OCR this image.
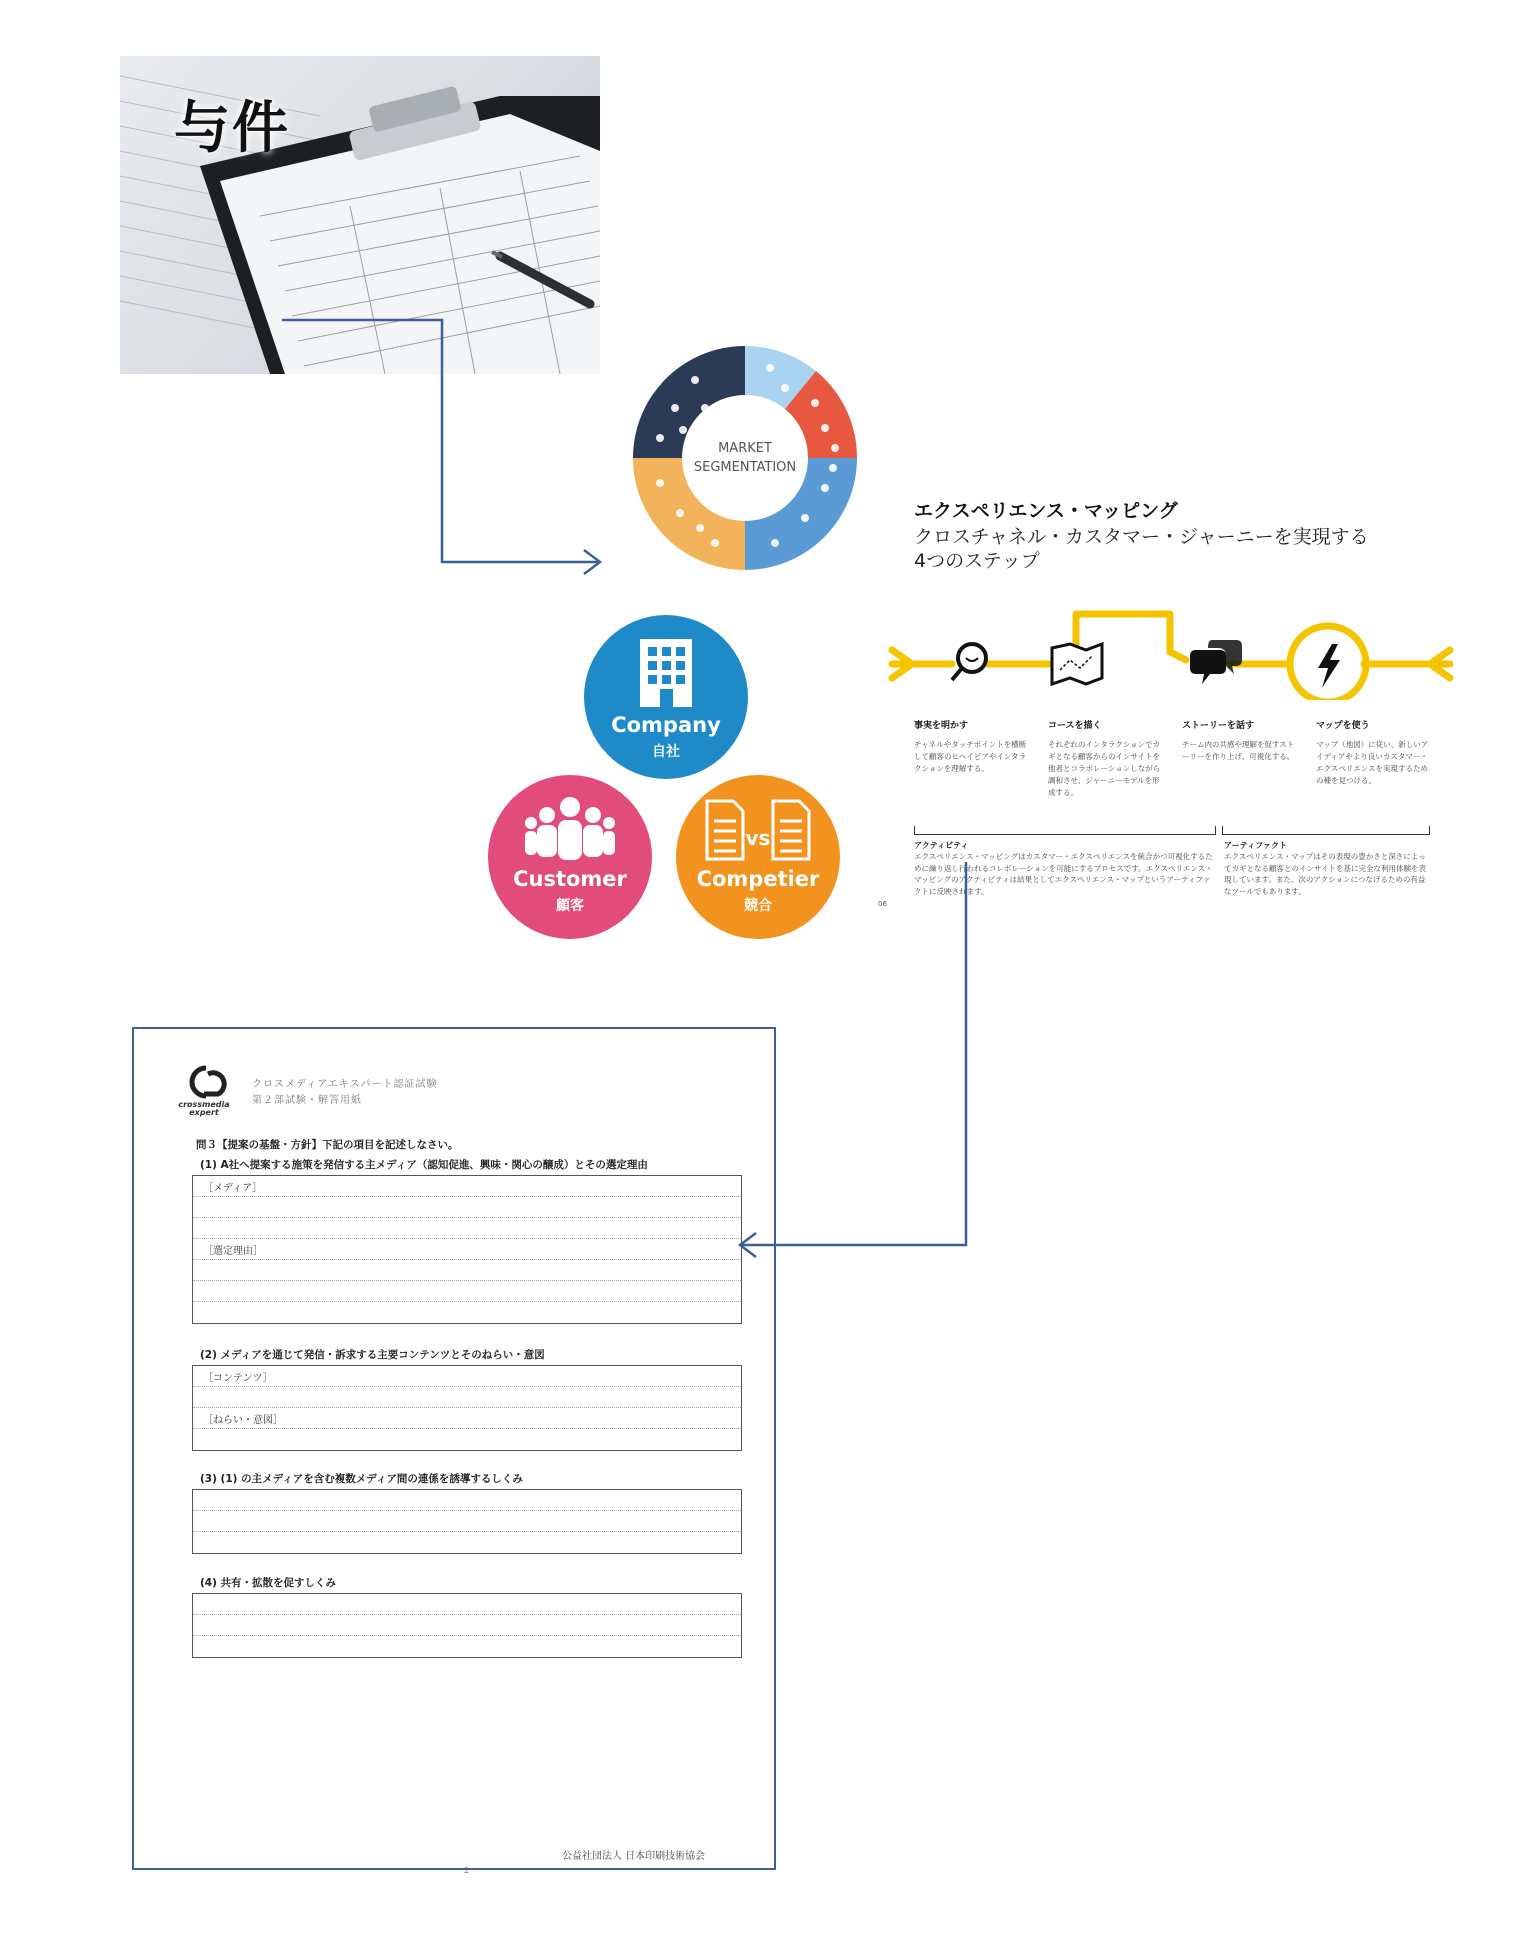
与件
MARKET
SEGMENTATION
エクスペリエンス・マッピング
クロスチャネル・カスタマー・ジャーニーを実現する
4つのステップ
事実を明かす
チャネルやタッチポイントを横断して顧客のヒヘイピアやインタラクションを理解する。
コースを描く
それぞれのインタラクションでカギとなる顧客からのインサイトを他者とコラボレーションしながら調和させ、ジャーニーモデルを形成する。
ストーリーを話す
チーム内の共感や理解を促すストーリーを作り上げ、可視化する。
マップを使う
マップ（地図）に従い、新しいアイディアやより良いカスタマー・エクスペリエンスを実現するための種を見つける。
アクティビティ
エクスペリエンス・マッピングはカスタマー・エクスペリエンスを統合かつ可視化するために繰り返し行われるコレボレーションを可能にするプロセスです。エクスペリエンス・マッピングのアクティビティは結果としてエクスペリエンス・マップというアーティファクトに反映されます。
アーティファクト
エクスペリエンス・マップはその表現の豊かさと深さによってカギとなる顧客とのインサイトを基に完全な利用体験を表現しています。また、次のアクションにつなげるための有益なツールでもあります。
06
Company
自社
Customer
顧客
vs
Competier
競合
crossmedia expert
クロスメディアエキスパート認証試験
第２部試験・解答用紙
問３【提案の基盤・方針】下記の項目を記述しなさい。
(1) A社へ提案する施策を発信する主メディア（認知促進、興味・関心の醸成）とその選定理由
［メディア］
［選定理由］
(2) メディアを通じて発信・訴求する主要コンテンツとそのねらい・意図
［コンテンツ］
［ねらい・意図］
(3) (1) の主メディアを含む複数メディア間の連係を誘導するしくみ
(4) 共有・拡散を促すしくみ
公益社団法人 日本印刷技術協会
2
